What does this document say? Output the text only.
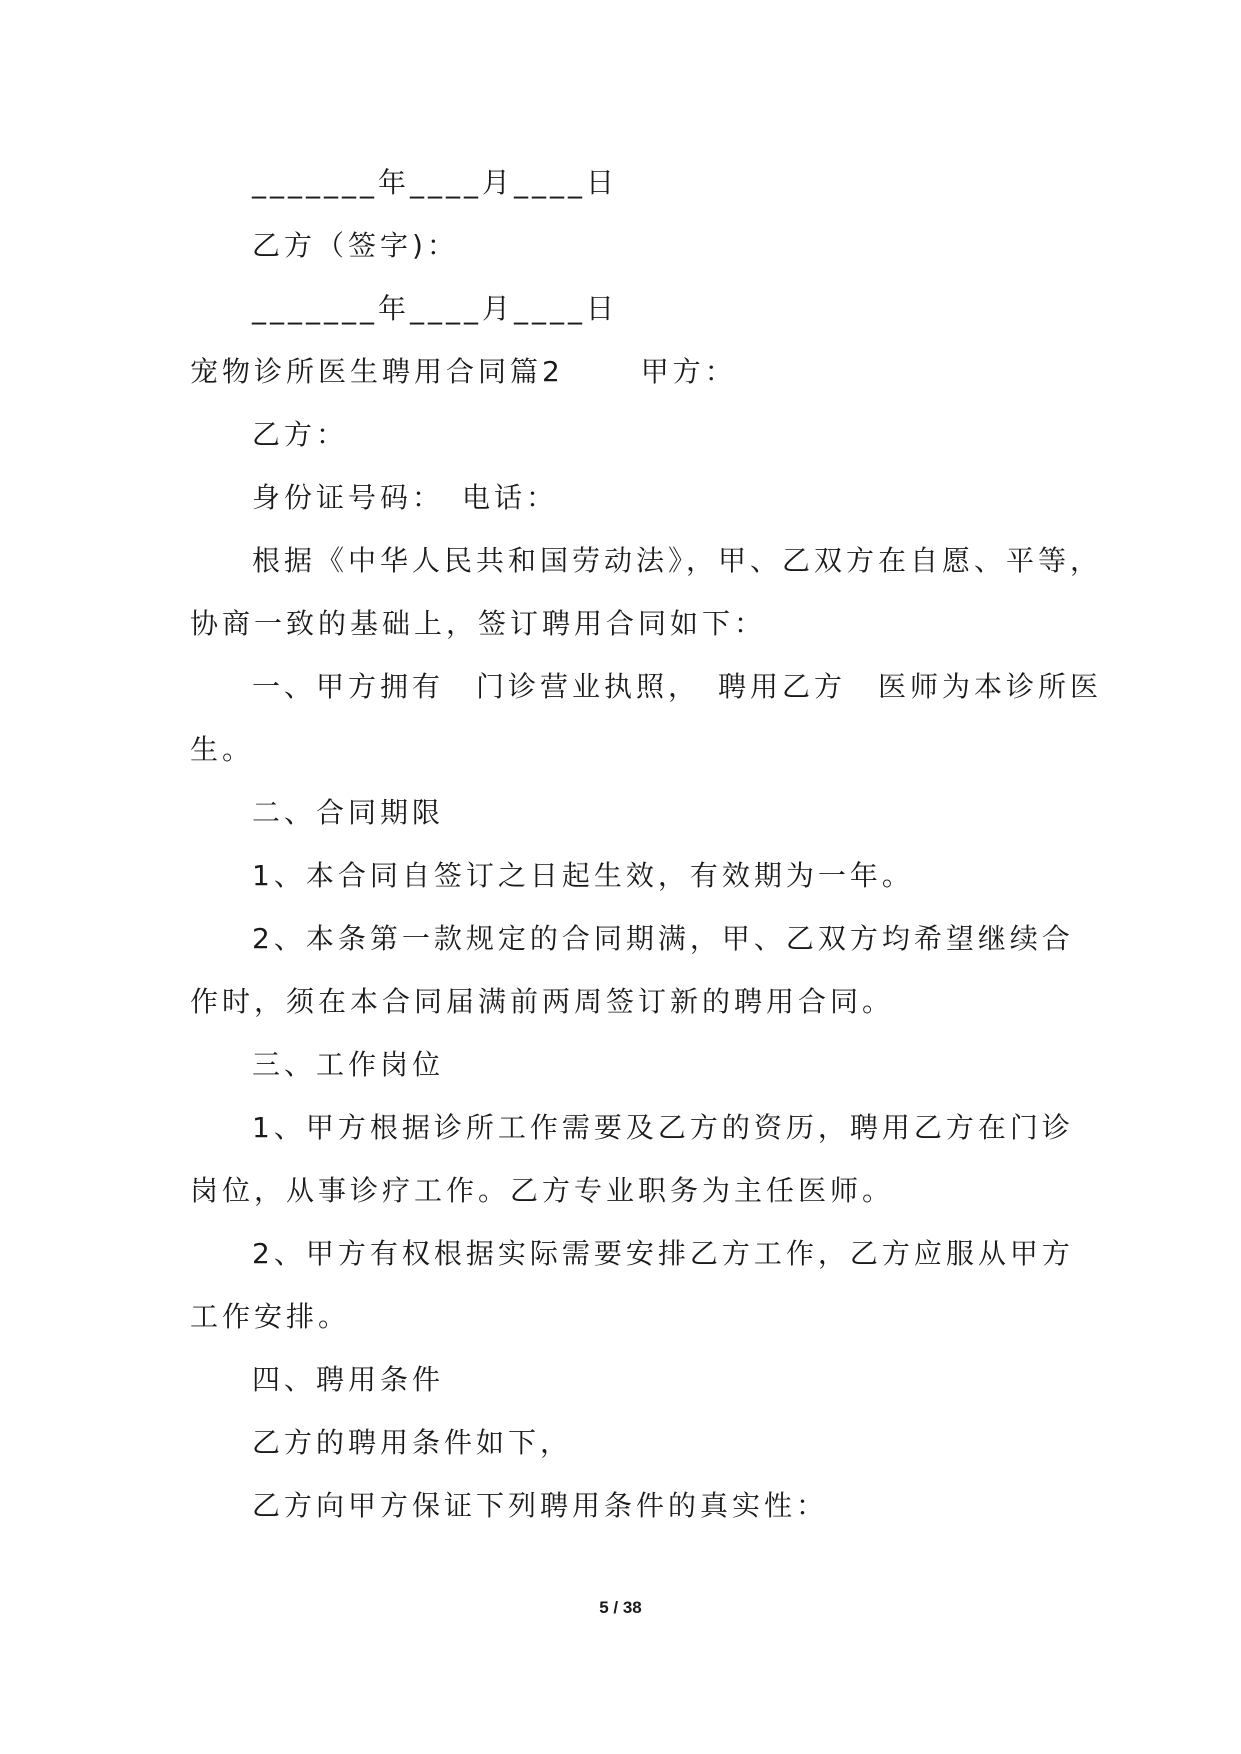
_______年____月____日
乙方（签字)：
_______年____月____日
宠物诊所医生聘用合同篇2　　 甲方：
乙方：
身份证号码：　电话：
根据《中华人民共和国劳动法》，甲、乙双方在自愿、平等，
协商一致的基础上，签订聘用合同如下：
一、甲方拥有　门诊营业执照，　聘用乙方　医师为本诊所医
生。
二、合同期限
1、本合同自签订之日起生效，有效期为一年。
2、本条第一款规定的合同期满，甲、乙双方均希望继续合
作时，须在本合同届满前两周签订新的聘用合同。
三、工作岗位
1、甲方根据诊所工作需要及乙方的资历，聘用乙方在门诊
岗位，从事诊疗工作。乙方专业职务为主任医师。
2、甲方有权根据实际需要安排乙方工作，乙方应服从甲方
工作安排。
四、聘用条件
乙方的聘用条件如下，
乙方向甲方保证下列聘用条件的真实性：
5 / 38
